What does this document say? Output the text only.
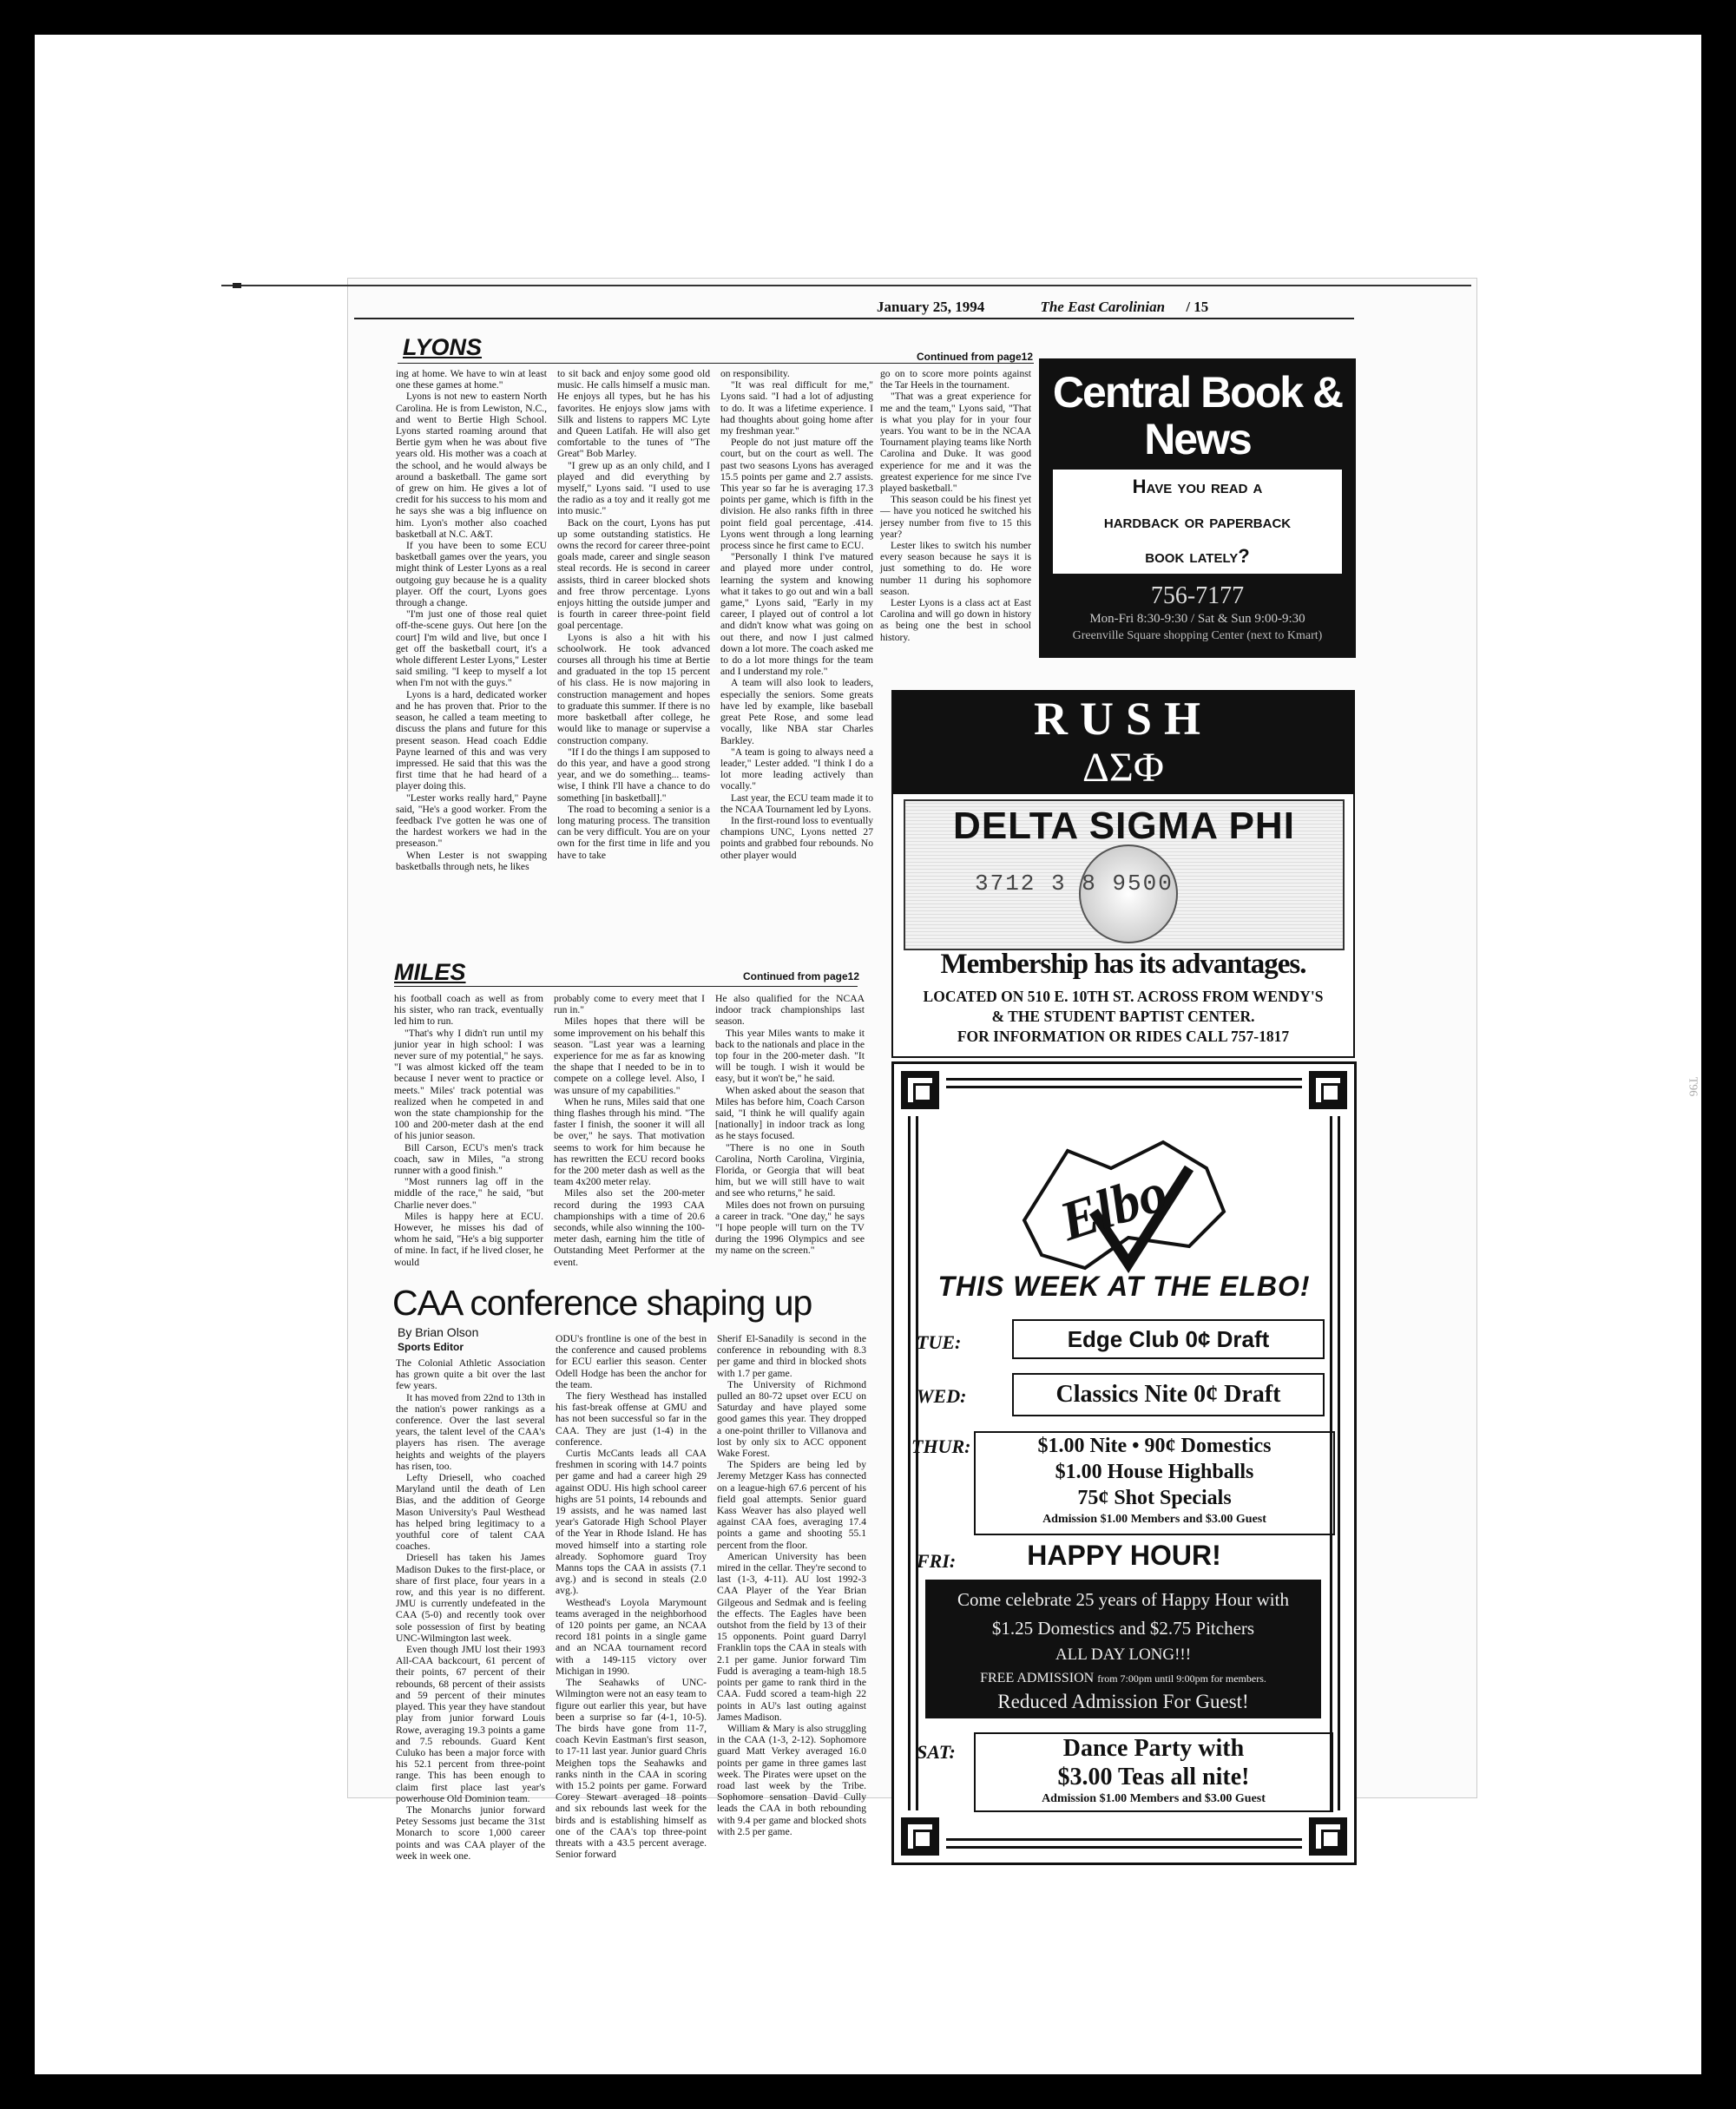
January 25, 1994	The East Carolinian / 15
LYONS	Continued from page12

ing at home. We have to win at least one these games at home."

Lyons is not new to eastern North Carolina. He is from Lewiston, N.C., and went to Bertie High School. Lyons started roaming around that Bertie gym when he was about five years old. His mother was a coach at the school, and he would always be around a basketball. The game sort of grew on him. He gives a lot of credit for his success to his mom and he says she was a big influence on him. Lyon's mother also coached basketball at N.C. A&T.

If you have been to some ECU basketball games over the years, you might think of Lester Lyons as a real outgoing guy because he is a quality player. Off the court, Lyons goes through a change.

"I'm just one of those real quiet off-the-scene guys. Out here [on the court] I'm wild and live, but once I get off the basketball court, it's a whole different Lester Lyons," Lester said smiling. "I keep to myself a lot when I'm not with the guys."

Lyons is a hard, dedicated worker and he has proven that. Prior to the season, he called a team meeting to discuss the plans and future for this present season. Head coach Eddie Payne learned of this and was very impressed. He said that this was the first time that he had heard of a player doing this.

"Lester works really hard," Payne said, "He's a good worker. From the feedback I've gotten he was one of the hardest workers we had in the preseason."

When Lester is not swapping basketballs through nets, he likes

to sit back and enjoy some good old music. He calls himself a music man. He enjoys all types, but he has his favorites. He enjoys slow jams with Silk and listens to rappers MC Lyte and Queen Latifah. He will also get comfortable to the tunes of "The Great" Bob Marley.

"I grew up as an only child, and I played and did everything by myself," Lyons said. "I used to use the radio as a toy and it really got me into music."

Back on the court, Lyons has put up some outstanding statistics. He owns the record for career three-point goals made, career and single season steal records. He is second in career assists, third in career blocked shots and free throw percentage. Lyons enjoys hitting the outside jumper and is fourth in career three-point field goal percentage.

Lyons is also a hit with his schoolwork. He took advanced courses all through his time at Bertie and graduated in the top 15 percent of his class. He is now majoring in construction management and hopes to graduate this summer. If there is no more basketball after college, he would like to manage or supervise a construction company.

"If I do the things I am supposed to do this year, and have a good strong year, and we do something... teams-wise, I think I'll have a chance to do something [in basketball]."

The road to becoming a senior is a long maturing process. The transition can be very difficult. You are on your own for the first time in life and you have to take

on responsibility.

"It was real difficult for me," Lyons said. "I had a lot of adjusting to do. It was a lifetime experience. I had thoughts about going home after my freshman year."

People do not just mature off the court, but on the court as well. The past two seasons Lyons has averaged 15.5 points per game and 2.7 assists. This year so far he is averaging 17.3 points per game, which is fifth in the division. He also ranks fifth in three point field goal percentage, .414. Lyons went through a long learning process since he first came to ECU.

"Personally I think I've matured and played more under control, learning the system and knowing what it takes to go out and win a ball game," Lyons said, "Early in my career, I played out of control a lot and didn't know what was going on out there, and now I just calmed down a lot more. The coach asked me to do a lot more things for the team and I understand my role."

A team will also look to leaders, especially the seniors. Some greats have led by example, like baseball great Pete Rose, and some lead vocally, like NBA star Charles Barkley.

"A team is going to always need a leader," Lester added. "I think I do a lot more leading actively than vocally."

Last year, the ECU team made it to the NCAA Tournament led by Lyons.

In the first-round loss to eventually champions UNC, Lyons netted 27 points and grabbed four rebounds. No other player would

go on to score more points against the Tar Heels in the tournament.

"That was a great experience for me and the team," Lyons said, "That is what you play for in your four years. You want to be in the NCAA Tournament playing teams like North Carolina and Duke. It was good experience for me and it was the greatest experience for me since I've played basketball."

This season could be his finest yet — have you noticed he switched his jersey number from five to 15 this year?

Lester likes to switch his number every season because he says it is just something to do. He wore number 11 during his sophomore season.

Lester Lyons is a class act at East Carolina and will go down in history as being one the best in school history.

MILES	Continued from page12

his football coach as well as from his sister, who ran track, eventually led him to run.

"That's why I didn't run until my junior year in high school: I was never sure of my potential," he says. "I was almost kicked off the team because I never went to practice or meets." Miles' track potential was realized when he competed in and won the state championship for the 100 and 200-meter dash at the end of his junior season.

Bill Carson, ECU's men's track coach, saw in Miles, "a strong runner with a good finish."

"Most runners lag off in the middle of the race," he said, "but Charlie never does."

Miles is happy here at ECU. However, he misses his dad of whom he said, "He's a big supporter of mine. In fact, if he lived closer, he would

probably come to every meet that I run in."

Miles hopes that there will be some improvement on his behalf this season. "Last year was a learning experience for me as far as knowing the shape that I needed to be in to compete on a college level. Also, I was unsure of my capabilities."

When he runs, Miles said that one thing flashes through his mind. "The faster I finish, the sooner it will all be over," he says. That motivation seems to work for him because he has rewritten the ECU record books for the 200 meter dash as well as the team 4x200 meter relay.

Miles also set the 200-meter record during the 1993 CAA championships with a time of 20.6 seconds, while also winning the 100-meter dash, earning him the title of Outstanding Meet Performer at the event.

He also qualified for the NCAA indoor track championships last season.

This year Miles wants to make it back to the nationals and place in the top four in the 200-meter dash. "It will be tough. I wish it would be easy, but it won't be," he said.

When asked about the season that Miles has before him, Coach Carson said, "I think he will qualify again [nationally] in indoor track as long as he stays focused.

"There is no one in South Carolina, North Carolina, Virginia, Florida, or Georgia that will beat him, but we will still have to wait and see who returns," he said.

Miles does not frown on pursuing a career in track. "One day," he says "I hope people will turn on the TV during the 1996 Olympics and see my name on the screen."

CAA conference shaping up
By Brian Olson
Sports Editor

The Colonial Athletic Association has grown quite a bit over the last few years.

It has moved from 22nd to 13th in the nation's power rankings as a conference. Over the last several years, the talent level of the CAA's players has risen. The average heights and weights of the players has risen, too.

Lefty Driesell, who coached Maryland until the death of Len Bias, and the addition of George Mason University's Paul Westhead has helped bring legitimacy to a youthful core of talent CAA coaches.

Driesell has taken his James Madison Dukes to the first-place, or share of first place, four years in a row, and this year is no different. JMU is currently undefeated in the CAA (5-0) and recently took over sole possession of first by beating UNC-Wilmington last week.

Even though JMU lost their 1993 All-CAA backcourt, 61 percent of their points, 67 percent of their rebounds, 68 percent of their assists and 59 percent of their minutes played. This year they have standout play from junior forward Louis Rowe, averaging 19.3 points a game and 7.5 rebounds. Guard Kent Culuko has been a major force with his 52.1 percent from three-point range. This has been enough to claim first place last year's powerhouse Old Dominion team.

The Monarchs junior forward Petey Sessoms just became the 31st Monarch to score 1,000 career points and was CAA player of the week in week one.

ODU's frontline is one of the best in the conference and caused problems for ECU earlier this season. Center Odell Hodge has been the anchor for the team.

The fiery Westhead has installed his fast-break offense at GMU and has not been successful so far in the CAA. They are just (1-4) in the conference.

Curtis McCants leads all CAA freshmen in scoring with 14.7 points per game and had a career high 29 against ODU. His high school career highs are 51 points, 14 rebounds and 19 assists, and he was named last year's Gatorade High School Player of the Year in Rhode Island. He has moved himself into a starting role already. Sophomore guard Troy Manns tops the CAA in assists (7.1 avg.) and is second in steals (2.0 avg.).

Westhead's Loyola Marymount teams averaged in the neighborhood of 120 points per game, an NCAA record 181 points in a single game and an NCAA tournament record with a 149-115 victory over Michigan in 1990.

The Seahawks of UNC-Wilmington were not an easy team to figure out earlier this year, but have been a surprise so far (4-1, 10-5). The birds have gone from 11-7, coach Kevin Eastman's first season, to 17-11 last year. Junior guard Chris Meighen tops the Seahawks and ranks ninth in the CAA in scoring with 15.2 points per game. Forward Corey Stewart averaged 18 points and six rebounds last week for the birds and is establishing himself as one of the CAA's top three-point threats with a 43.5 percent average. Senior forward

Sherif El-Sanadily is second in the conference in rebounding with 8.3 per game and third in blocked shots with 1.7 per game.

The University of Richmond pulled an 80-72 upset over ECU on Saturday and have played some good games this year. They dropped a one-point thriller to Villanova and lost by only six to ACC opponent Wake Forest.

The Spiders are being led by Jeremy Metzger Kass has connected on a league-high 67.6 percent of his field goal attempts. Senior guard Kass Weaver has also played well against CAA foes, averaging 17.4 points a game and shooting 55.1 percent from the floor.

American University has been mired in the cellar. They're second to last (1-3, 4-11). AU lost 1992-3 CAA Player of the Year Brian Gilgeous and Sedmak and is feeling the effects. The Eagles have been outshot from the field by 13 of their 15 opponents. Point guard Darryl Franklin tops the CAA in steals with 2.1 per game. Junior forward Tim Fudd is averaging a team-high 18.5 points per game to rank third in the CAA. Fudd scored a team-high 22 points in AU's last outing against James Madison.

William & Mary is also struggling in the CAA (1-3, 2-12). Sophomore guard Matt Verkey averaged 16.0 points per game in three games last week. The Pirates were upset on the road last week by the Tribe. Sophomore sensation David Cully leads the CAA in both rebounding with 9.4 per game and blocked shots with 2.5 per game.

Central Book & News
Have you read a
hardback or paperback
book lately?
756-7177
Mon-Fri 8:30-9:30 / Sat & Sun 9:00-9:30
Greenville Square shopping Center (next to Kmart)
RUSH
ΔΣΦ
DELTA SIGMA PHI
3712 3 8 9500
Membership has its advantages.
LOCATED ON 510 E. 10TH ST. ACROSS FROM WENDY'S
& THE STUDENT BAPTIST CENTER.
FOR INFORMATION OR RIDES CALL 757-1817
Elbo
THIS WEEK AT THE ELBO!
TUE:	Edge Club 0¢ Draft
WED:	Classics Nite 0¢ Draft
THUR:	$1.00 Nite • 90¢ Domestics
$1.00 House Highballs
75¢ Shot Specials
Admission $1.00 Members and $3.00 Guest
FRI:	HAPPY HOUR!
Come celebrate 25 years of Happy Hour with
$1.25 Domestics and $2.75 Pitchers
ALL DAY LONG!!!
FREE ADMISSION from 7:00pm until 9:00pm for members.
Reduced Admission For Guest!
SAT:	Dance Party with
$3.00 Teas all nite!
Admission $1.00 Members and $3.00 Guest
T96
